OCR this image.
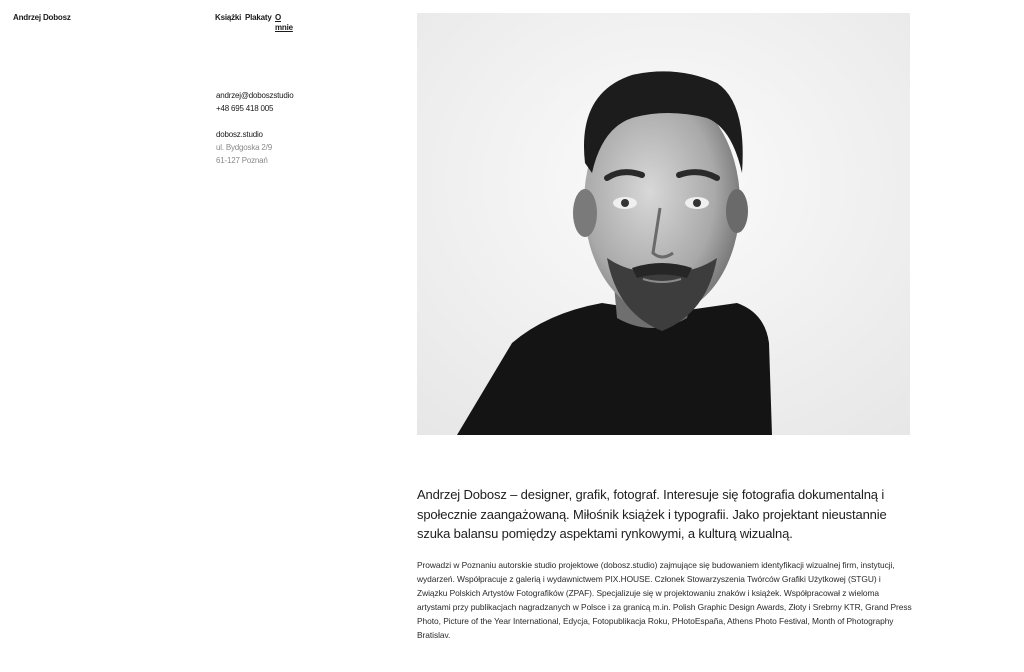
Andrzej Dobosz	Książki Plakaty O mnie
andrzej@doboszstudio
+48 695 418 005
dobosz.studio
ul. Bydgoska 2/9
61-127 Poznań

Andrzej Dobosz – designer, grafik, fotograf. Interesuje się fotografia dokumentalną i społecznie zaangażowaną. Miłośnik książek i typografii. Jako projektant nieustannie szuka balansu pomiędzy aspektami rynkowymi, a kulturą wizualną.

Prowadzi w Poznaniu autorskie studio projektowe (dobosz.studio) zajmujące się budowaniem identyfikacji wizualnej firm, instytucji, wydarzeń. Współpracuje z galerią i wydawnictwem PIX.HOUSE. Członek Stowarzyszenia Twórców Grafiki Użytkowej (STGU) i Związku Polskich Artystów Fotografików (ZPAF). Specjalizuje się w projektowaniu znaków i książek. Współpracował z wieloma artystami przy publikacjach nagradzanych w Polsce i za granicą m.in. Polish Graphic Design Awards, Złoty i Srebrny KTR, Grand Press Photo, Picture of the Year International, Edycja, Fotopublikacja Roku, PHotoEspaña, Athens Photo Festival, Month of Photography Bratislav.
